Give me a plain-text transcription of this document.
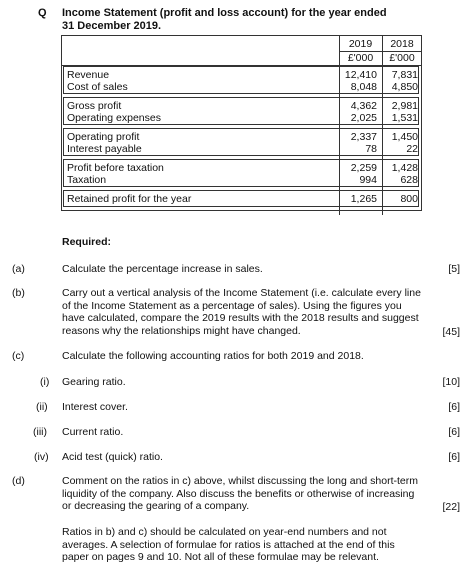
Q Income Statement (profit and loss account) for the year ended
31 December 2019.
2019	2018
£'000	£'000
Revenue	12,410	7,831
Cost of sales	8,048	4,850
Gross profit	4,362	2,981
Operating expenses	2,025	1,531
Operating profit	2,337	1,450
Interest payable	78	22
Profit before taxation	2,259	1,428
Taxation	994	628
Retained profit for the year	1,265	800
Required:
(a)	Calculate the percentage increase in sales.	[5]
(b)	Carry out a vertical analysis of the Income Statement (i.e. calculate every line
of the Income Statement as a percentage of sales). Using the figures you
have calculated, compare the 2019 results with the 2018 results and suggest
reasons why the relationships might have changed.	[45]
(c)	Calculate the following accounting ratios for both 2019 and 2018.
(i) Gearing ratio.	[10]
(ii) Interest cover.	[6]
(iii) Current ratio.	[6]
(iv) Acid test (quick) ratio.	[6]
(d)	Comment on the ratios in c) above, whilst discussing the long and short-term
liquidity of the company. Also discuss the benefits or otherwise of increasing
or decreasing the gearing of a company.	[22]
Ratios in b) and c) should be calculated on year-end numbers and not
averages. A selection of formulae for ratios is attached at the end of this
paper on pages 9 and 10. Not all of these formulae may be relevant.
